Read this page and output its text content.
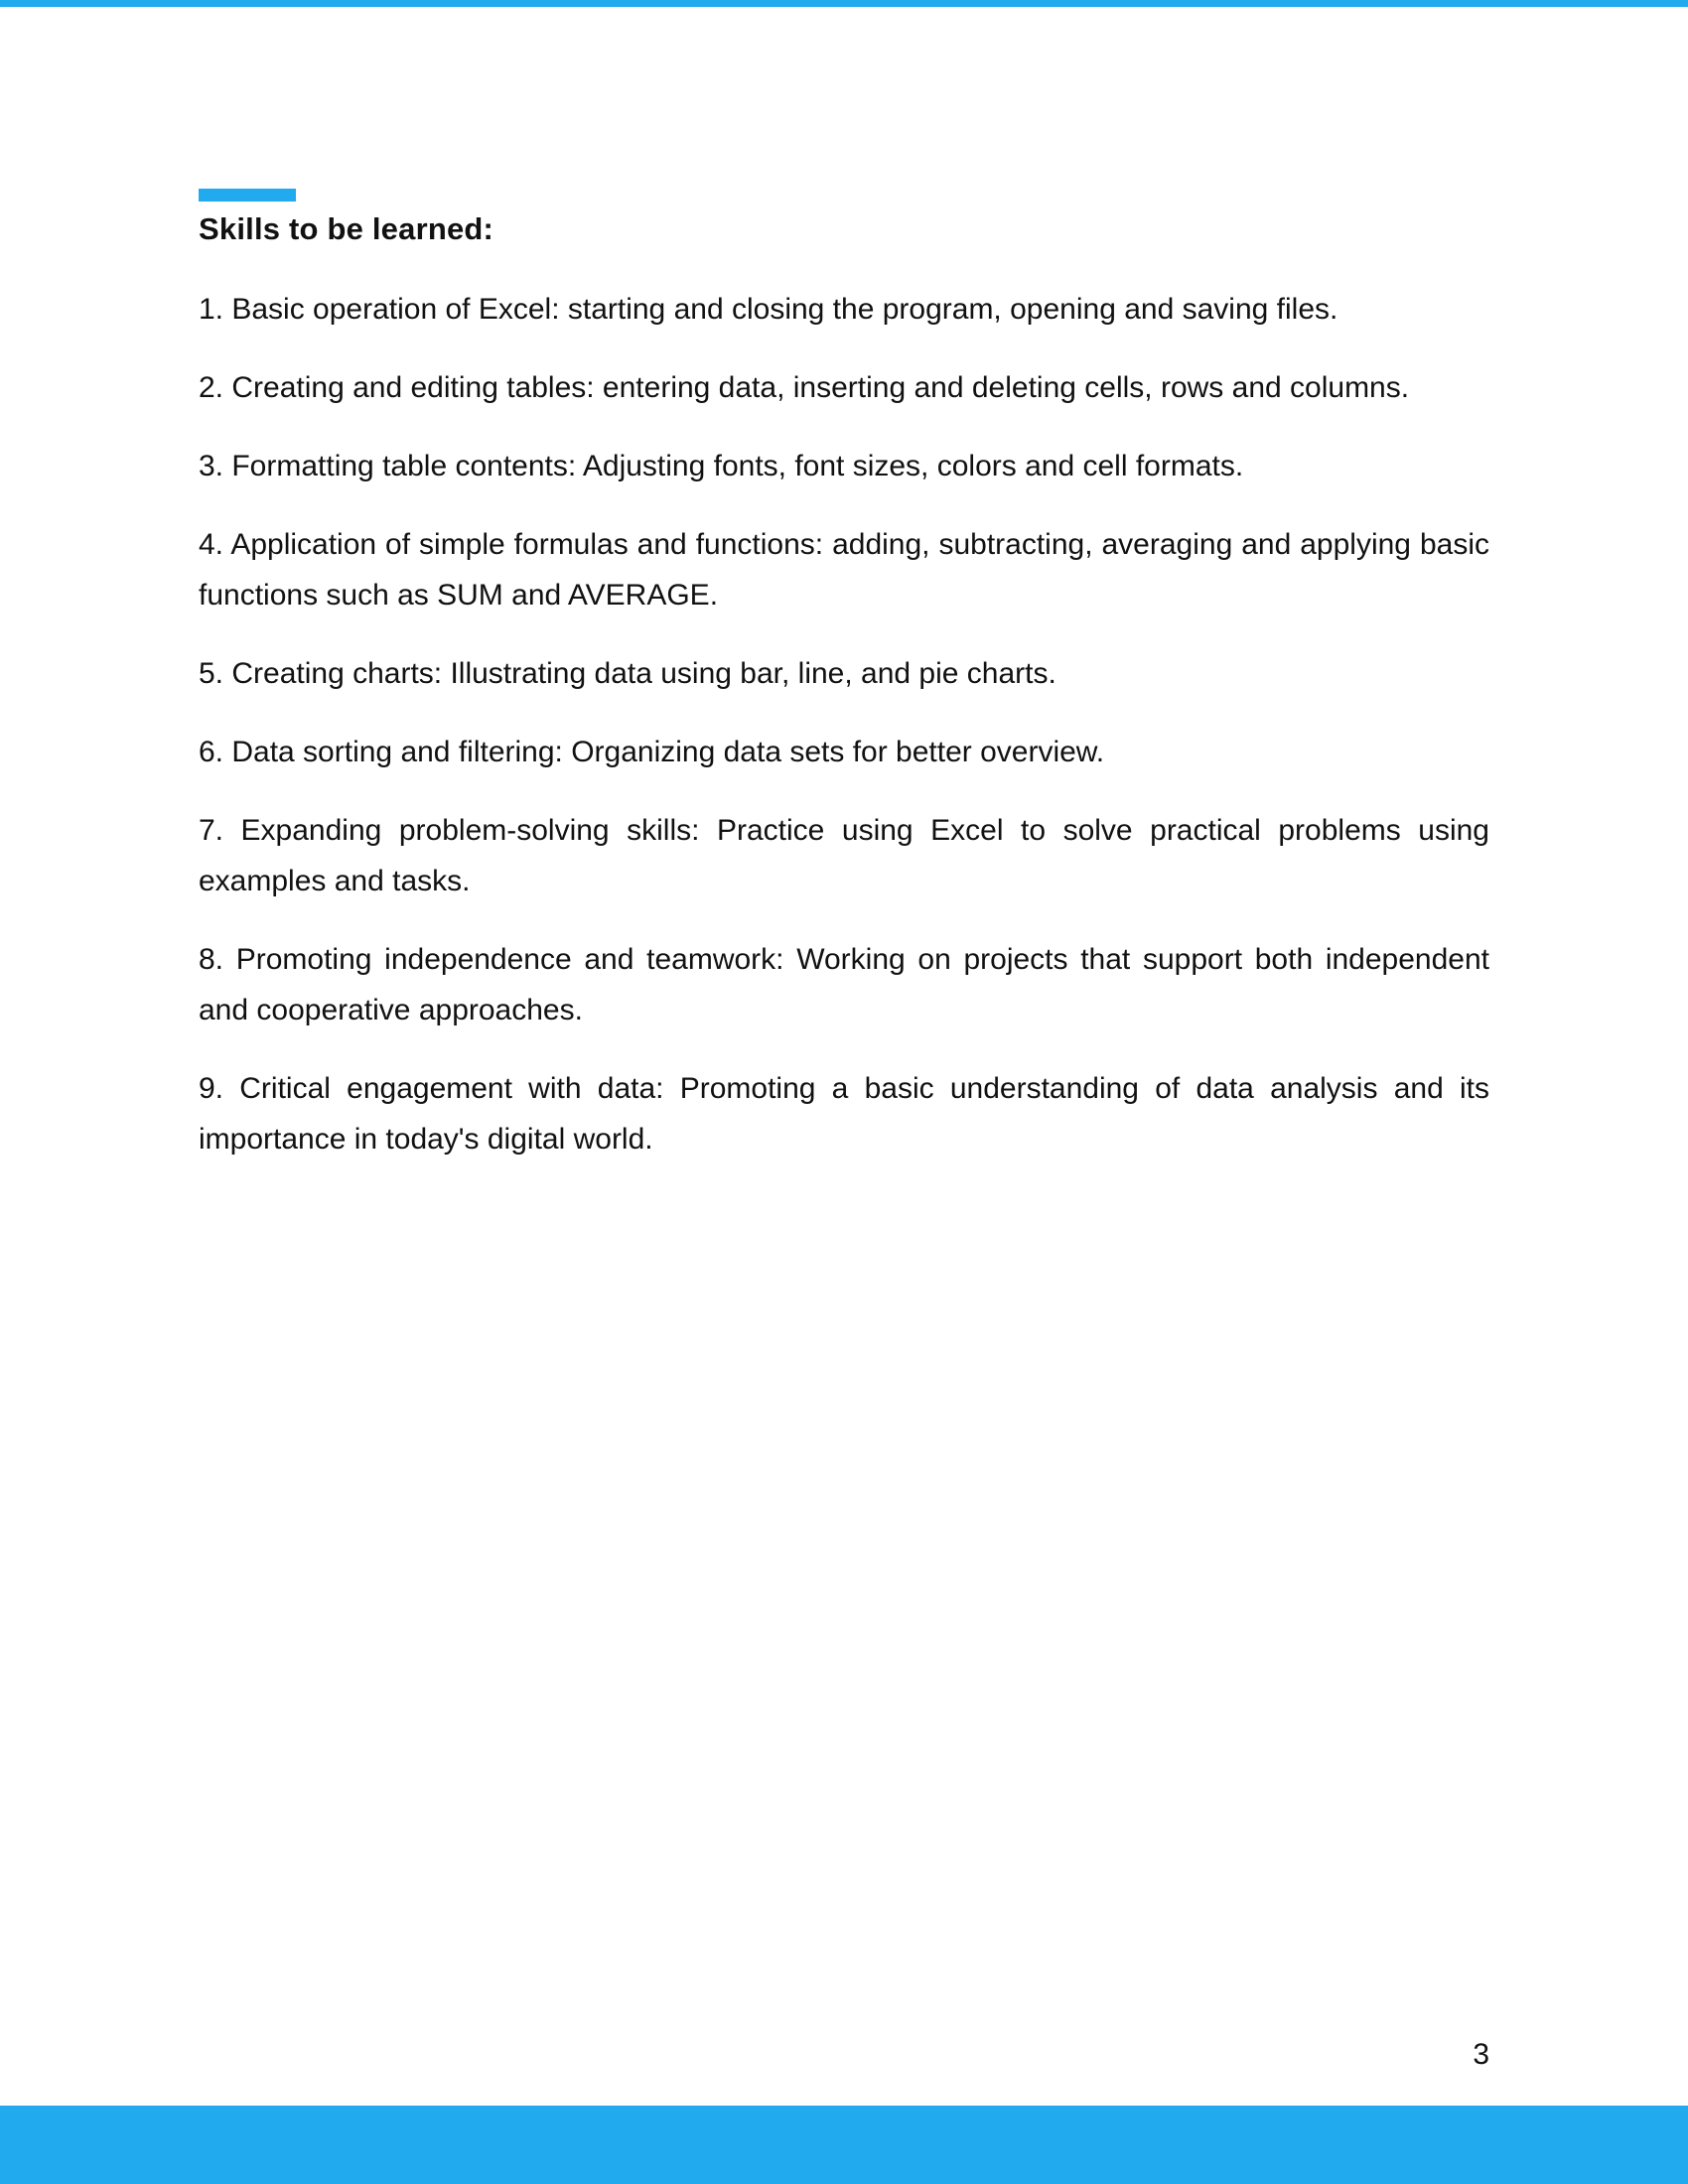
Skills to be learned:
1. Basic operation of Excel: starting and closing the program, opening and saving files.
2. Creating and editing tables: entering data, inserting and deleting cells, rows and columns.
3. Formatting table contents: Adjusting fonts, font sizes, colors and cell formats.
4. Application of simple formulas and functions: adding, subtracting, averaging and applying basic functions such as SUM and AVERAGE.
5. Creating charts: Illustrating data using bar, line, and pie charts.
6. Data sorting and filtering: Organizing data sets for better overview.
7. Expanding problem-solving skills: Practice using Excel to solve practical problems using examples and tasks.
8. Promoting independence and teamwork: Working on projects that support both independent and cooperative approaches.
9. Critical engagement with data: Promoting a basic understanding of data analysis and its importance in today's digital world.
3
